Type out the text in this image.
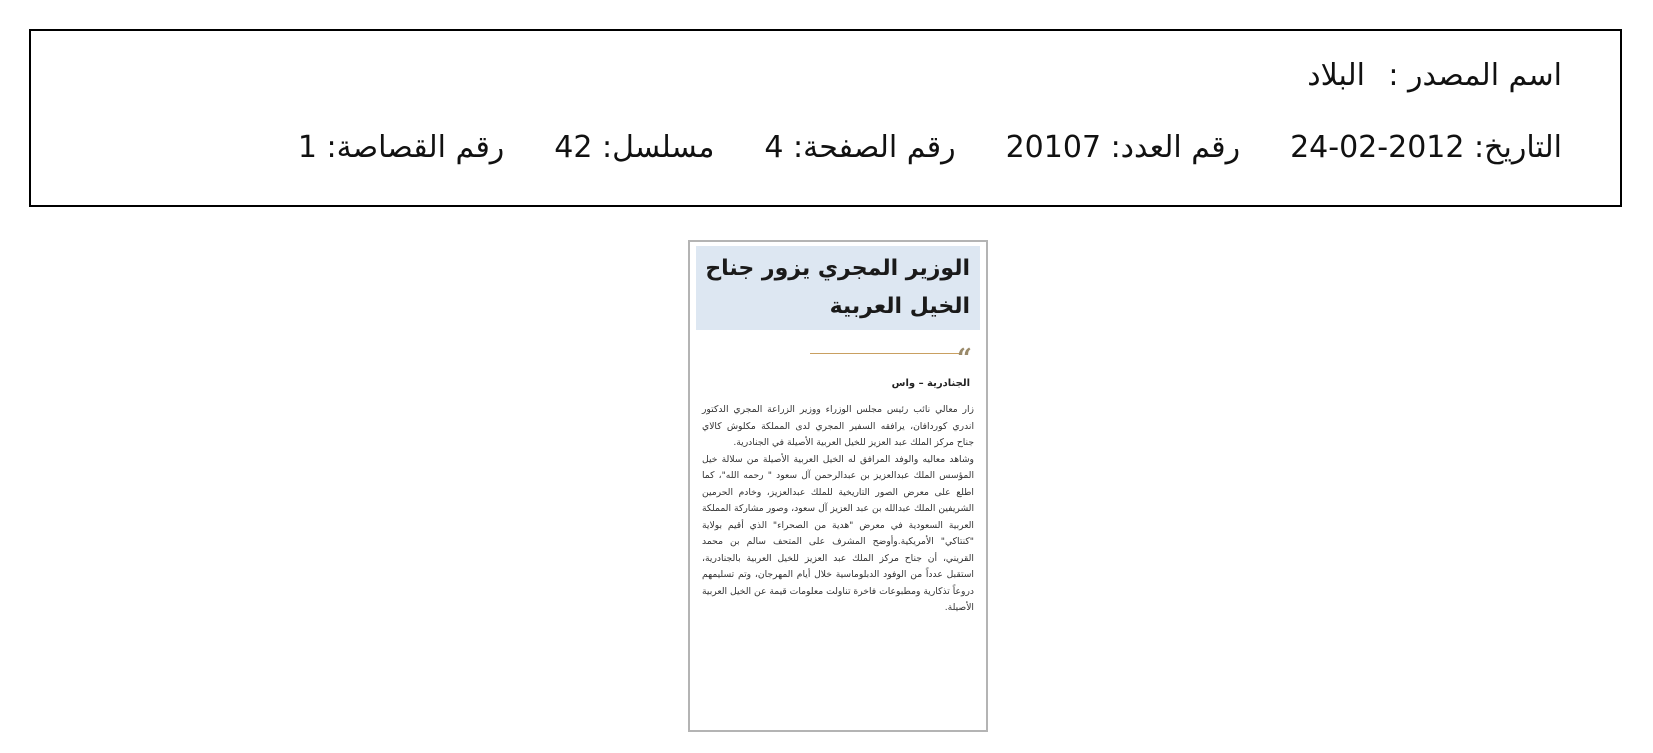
اسم المصدر :البلاد
التاريخ: 2012-02-24رقم العدد: 20107رقم الصفحة: 4مسلسل: 42رقم القصاصة: 1
الوزير المجري يزور جناح الخيل العربية
“
الجنادرية – واس

زار معالي نائب رئيس مجلس الوزراء ووزير الزراعة المجري الدكتور اندري كوردافان، يرافقه السفير المجري لدى المملكة مكلوش كالاي جناح مركز الملك عبد العزيز للخيل العربية الأصيلة في الجنادرية.

وشاهد معاليه والوفد المرافق له الخيل العربية الأصيلة من سلالة خيل المؤسس الملك عبدالعزيز بن عبدالرحمن آل سعود " رحمه الله"، كما اطلع على معرض الصور التاريخية للملك عبدالعزيز، وخادم الحرمين الشريفين الملك عبدالله بن عبد العزيز آل سعود، وصور مشاركة المملكة العربية السعودية في معرض "هدية من الصحراء" الذي أقيم بولاية "كنتاكي" الأمريكية.وأوضح المشرف على المتحف سالم بن محمد القريني، أن جناح مركز الملك عبد العزيز للخيل العربية بالجنادرية، استقبل عدداً من الوفود الدبلوماسية خلال أيام المهرجان، وتم تسليمهم دروعاً تذكارية ومطبوعات فاخرة تناولت معلومات قيمة عن الخيل العربية الأصيلة.
